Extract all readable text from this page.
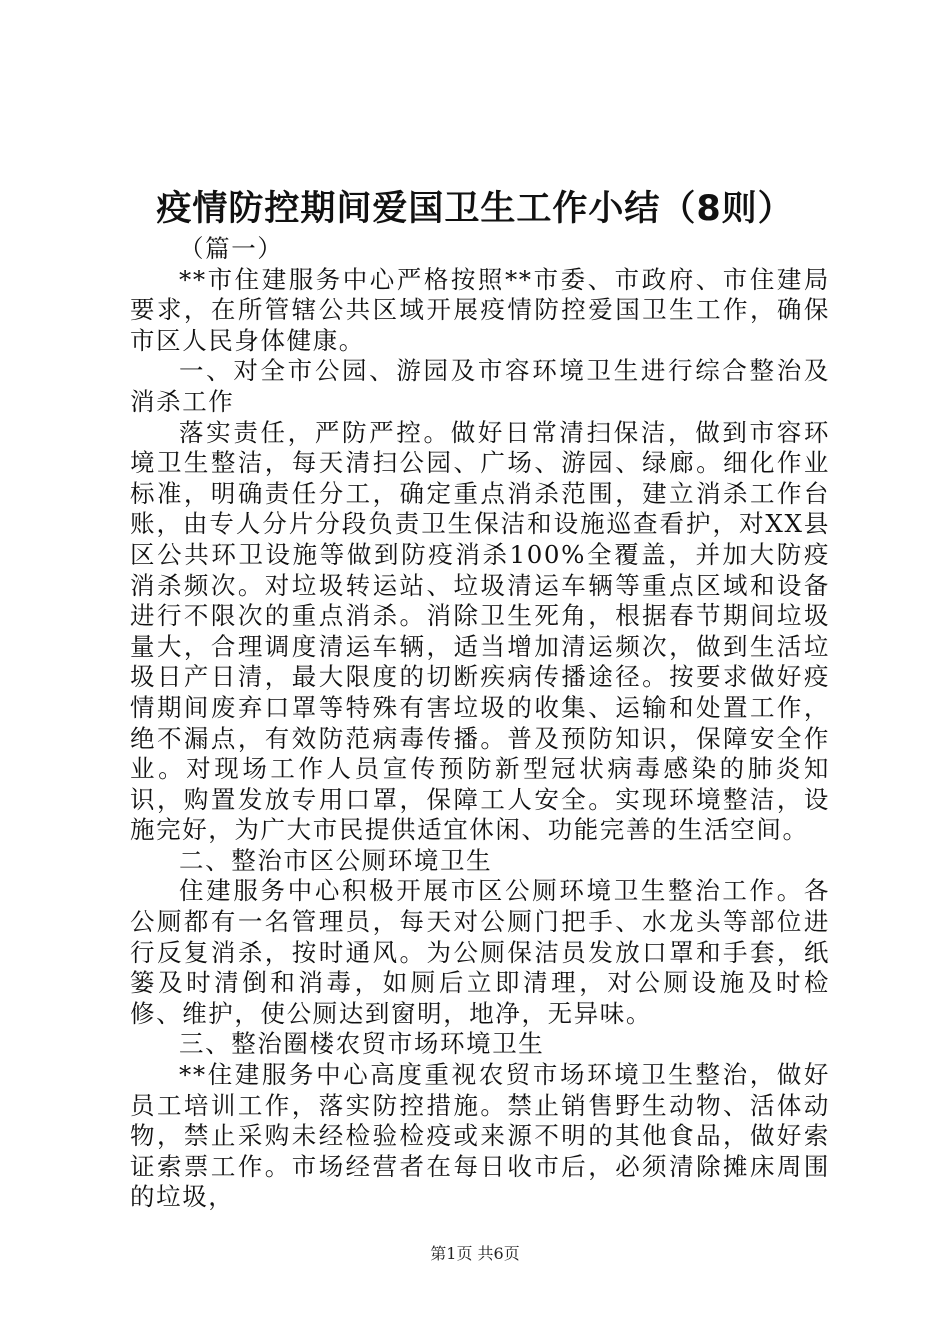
疫情防控期间爱国卫生工作小结（8则）

（篇一）

**市住建服务中心严格按照**市委、市政府、市住建局要求，在所管辖公共区域开展疫情防控爱国卫生工作，确保市区人民身体健康。

一、对全市公园、游园及市容环境卫生进行综合整治及消杀工作

落实责任，严防严控。做好日常清扫保洁，做到市容环境卫生整洁，每天清扫公园、广场、游园、绿廊。细化作业标准，明确责任分工，确定重点消杀范围，建立消杀工作台账，由专人分片分段负责卫生保洁和设施巡查看护，对XX县区公共环卫设施等做到防疫消杀100%全覆盖，并加大防疫消杀频次。对垃圾转运站、垃圾清运车辆等重点区域和设备进行不限次的重点消杀。消除卫生死角，根据春节期间垃圾量大，合理调度清运车辆，适当增加清运频次，做到生活垃圾日产日清，最大限度的切断疾病传播途径。按要求做好疫情期间废弃口罩等特殊有害垃圾的收集、运输和处置工作，绝不漏点，有效防范病毒传播。普及预防知识，保障安全作业。对现场工作人员宣传预防新型冠状病毒感染的肺炎知识，购置发放专用口罩，保障工人安全。实现环境整洁，设施完好，为广大市民提供适宜休闲、功能完善的生活空间。

二、整治市区公厕环境卫生

住建服务中心积极开展市区公厕环境卫生整治工作。各公厕都有一名管理员，每天对公厕门把手、水龙头等部位进行反复消杀，按时通风。为公厕保洁员发放口罩和手套，纸篓及时清倒和消毒，如厕后立即清理，对公厕设施及时检修、维护，使公厕达到窗明，地净，无异味。

三、整治圈楼农贸市场环境卫生

**住建服务中心高度重视农贸市场环境卫生整治，做好员工培训工作，落实防控措施。禁止销售野生动物、活体动物，禁止采购未经检验检疫或来源不明的其他食品，做好索证索票工作。市场经营者在每日收市后，必须清除摊床周围的垃圾，

第1页 共6页
